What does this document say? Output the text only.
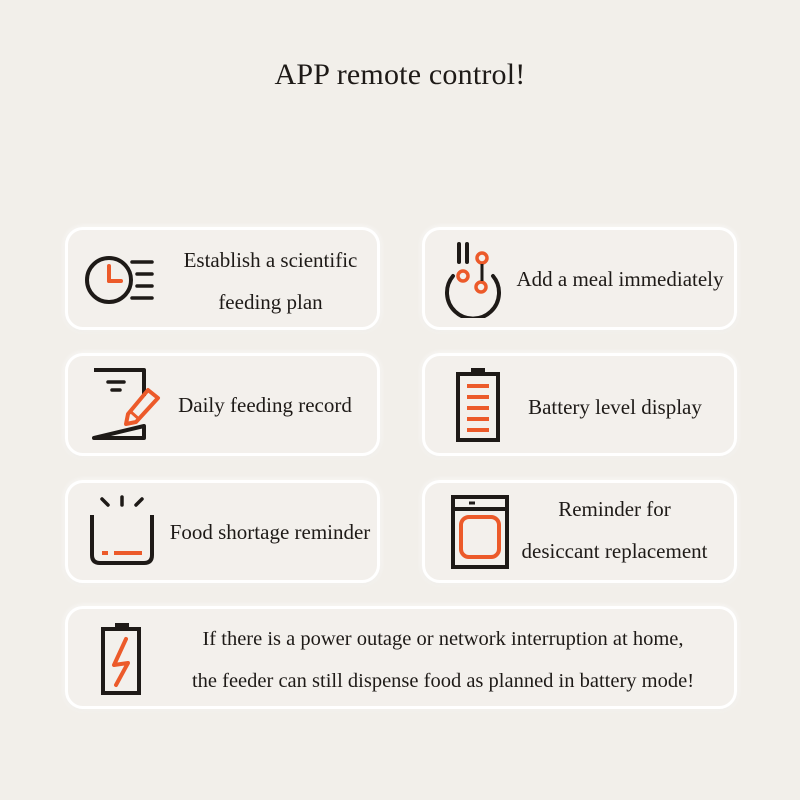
APP remote control!
Establish a scientific
feeding plan
Add a meal immediately
Daily feeding record	Battery level display
Food shortage reminder
Reminder for
desiccant replacement
If there is a power outage or network interruption at home,
the feeder can still dispense food as planned in battery mode!
